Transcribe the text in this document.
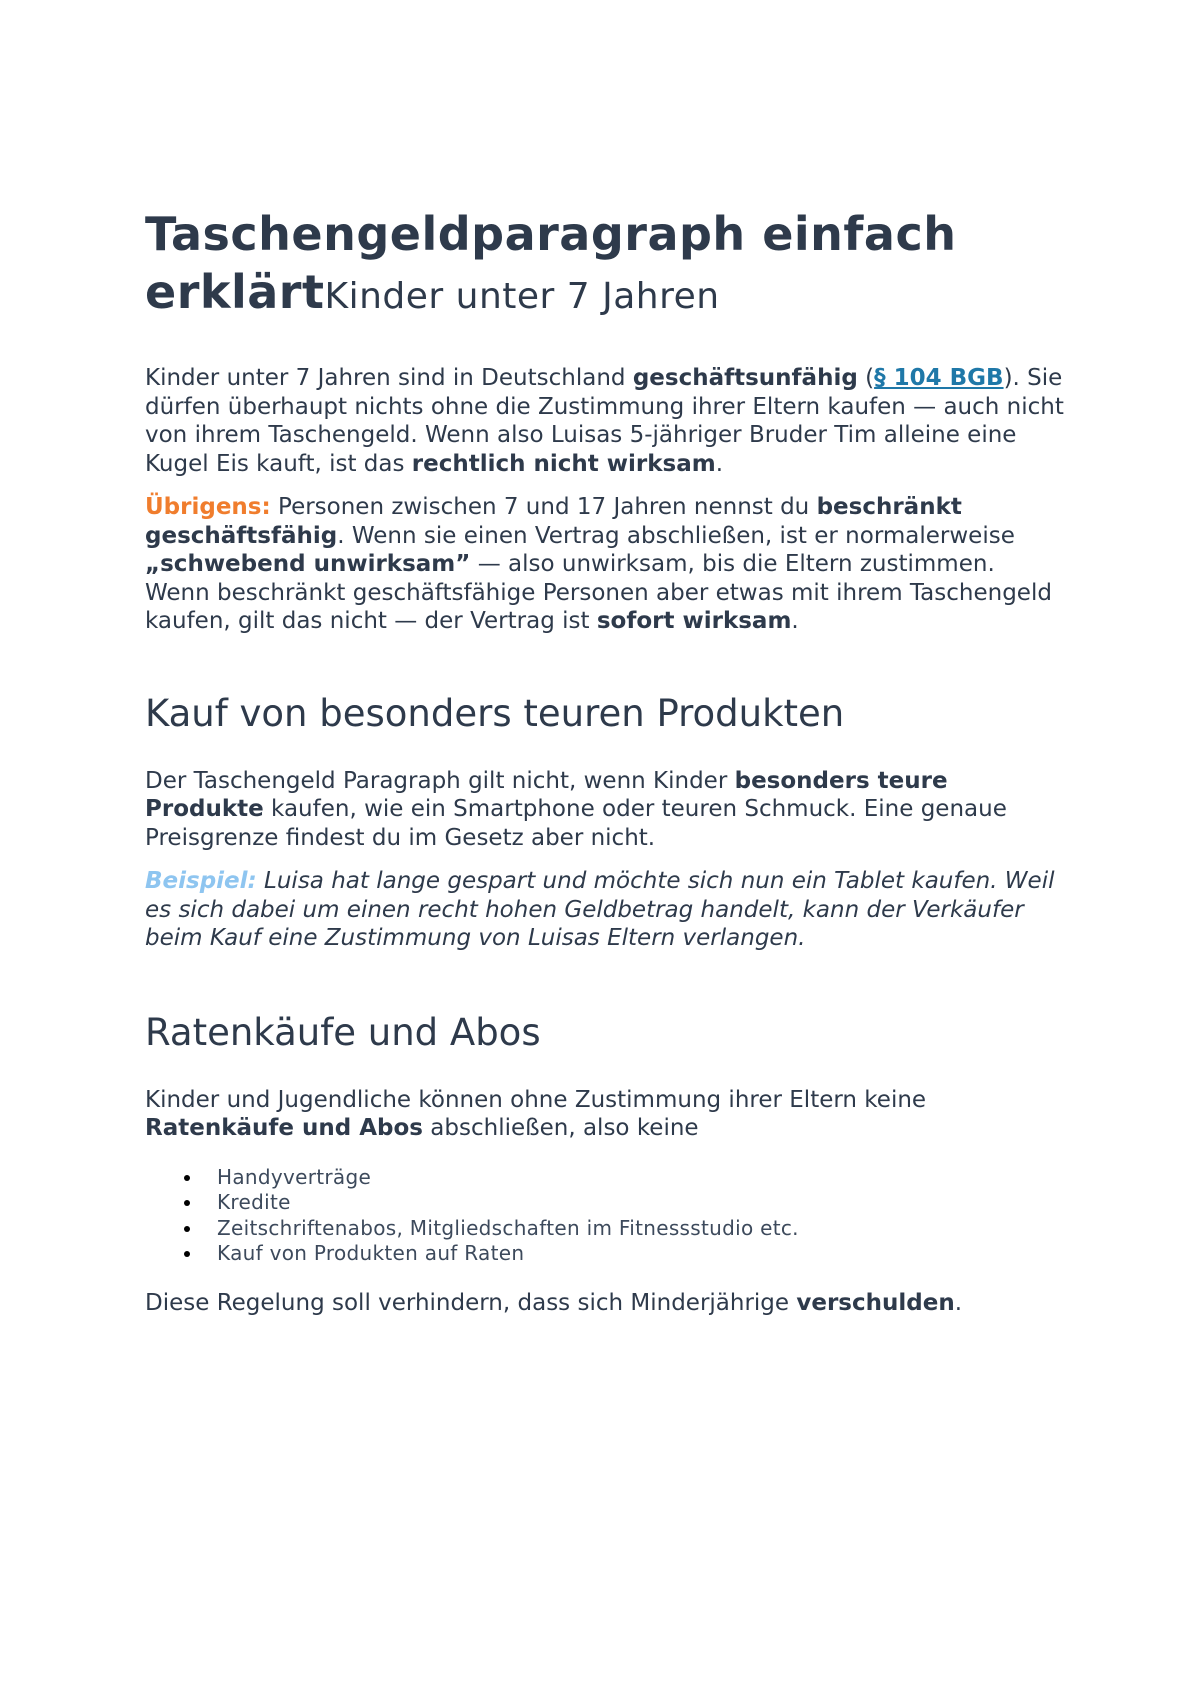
Taschengeldparagraph einfach erklärtKinder unter 7 Jahren

Kinder unter 7 Jahren sind in Deutschland geschäftsunfähig (§ 104 BGB). Sie dürfen überhaupt nichts ohne die Zustimmung ihrer Eltern kaufen — auch nicht von ihrem Taschengeld. Wenn also Luisas 5-jähriger Bruder Tim alleine eine Kugel Eis kauft, ist das rechtlich nicht wirksam.

Übrigens: Personen zwischen 7 und 17 Jahren nennst du beschränkt geschäftsfähig. Wenn sie einen Vertrag abschließen, ist er normalerweise „schwebend unwirksam” — also unwirksam, bis die Eltern zustimmen. Wenn beschränkt geschäftsfähige Personen aber etwas mit ihrem Taschengeld kaufen, gilt das nicht — der Vertrag ist sofort wirksam.

Kauf von besonders teuren Produkten

Der Taschengeld Paragraph gilt nicht, wenn Kinder besonders teure Produkte kaufen, wie ein Smartphone oder teuren Schmuck. Eine genaue Preisgrenze findest du im Gesetz aber nicht.

Beispiel: Luisa hat lange gespart und möchte sich nun ein Tablet kaufen. Weil es sich dabei um einen recht hohen Geldbetrag handelt, kann der Verkäufer beim Kauf eine Zustimmung von Luisas Eltern verlangen.

Ratenkäufe und Abos

Kinder und Jugendliche können ohne Zustimmung ihrer Eltern keine Ratenkäufe und Abos abschließen, also keine

Handyverträge
Kredite
Zeitschriftenabos, Mitgliedschaften im Fitnessstudio etc.
Kauf von Produkten auf Raten

Diese Regelung soll verhindern, dass sich Minderjährige verschulden.
